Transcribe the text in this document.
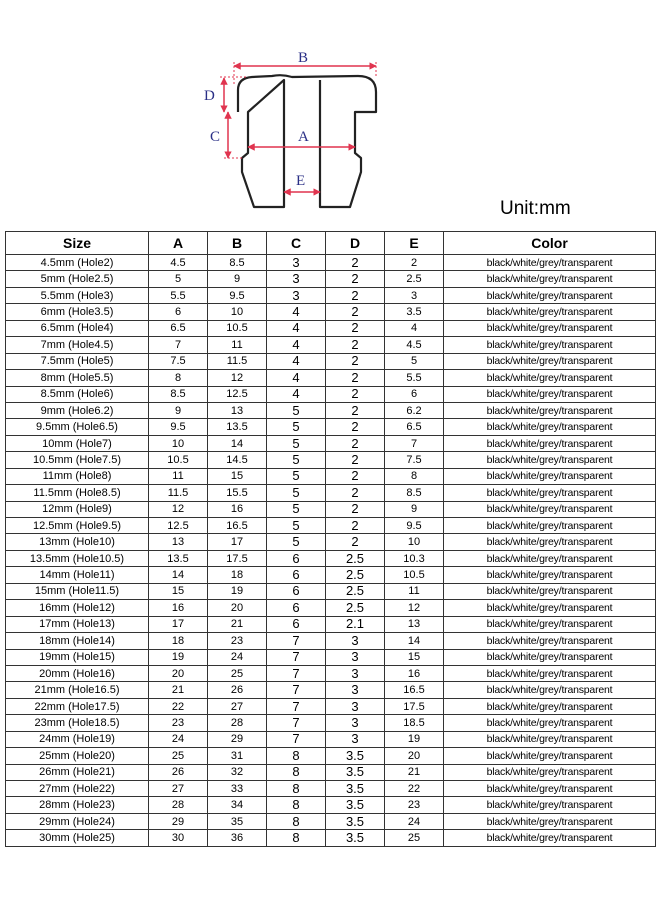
B
D
C	A
E
Unit:mm
Size	A	B	C	D	E	Color
4.5mm (Hole2)	4.5	8.5	3	2	2	black/white/grey/transparent
5mm (Hole2.5)	5	9	3	2	2.5	black/white/grey/transparent
5.5mm (Hole3)	5.5	9.5	3	2	3	black/white/grey/transparent
6mm (Hole3.5)	6	10	4	2	3.5	black/white/grey/transparent
6.5mm (Hole4)	6.5	10.5	4	2	4	black/white/grey/transparent
7mm (Hole4.5)	7	11	4	2	4.5	black/white/grey/transparent
7.5mm (Hole5)	7.5	11.5	4	2	5	black/white/grey/transparent
8mm (Hole5.5)	8	12	4	2	5.5	black/white/grey/transparent
8.5mm (Hole6)	8.5	12.5	4	2	6	black/white/grey/transparent
9mm (Hole6.2)	9	13	5	2	6.2	black/white/grey/transparent
9.5mm (Hole6.5)	9.5	13.5	5	2	6.5	black/white/grey/transparent
10mm (Hole7)	10	14	5	2	7	black/white/grey/transparent
10.5mm (Hole7.5)	10.5	14.5	5	2	7.5	black/white/grey/transparent
11mm (Hole8)	11	15	5	2	8	black/white/grey/transparent
11.5mm (Hole8.5)	11.5	15.5	5	2	8.5	black/white/grey/transparent
12mm (Hole9)	12	16	5	2	9	black/white/grey/transparent
12.5mm (Hole9.5)	12.5	16.5	5	2	9.5	black/white/grey/transparent
13mm (Hole10)	13	17	5	2	10	black/white/grey/transparent
13.5mm (Hole10.5)	13.5	17.5	6	2.5	10.3	black/white/grey/transparent
14mm (Hole11)	14	18	6	2.5	10.5	black/white/grey/transparent
15mm (Hole11.5)	15	19	6	2.5	11	black/white/grey/transparent
16mm (Hole12)	16	20	6	2.5	12	black/white/grey/transparent
17mm (Hole13)	17	21	6	2.1	13	black/white/grey/transparent
18mm (Hole14)	18	23	7	3	14	black/white/grey/transparent
19mm (Hole15)	19	24	7	3	15	black/white/grey/transparent
20mm (Hole16)	20	25	7	3	16	black/white/grey/transparent
21mm (Hole16.5)	21	26	7	3	16.5	black/white/grey/transparent
22mm (Hole17.5)	22	27	7	3	17.5	black/white/grey/transparent
23mm (Hole18.5)	23	28	7	3	18.5	black/white/grey/transparent
24mm (Hole19)	24	29	7	3	19	black/white/grey/transparent
25mm (Hole20)	25	31	8	3.5	20	black/white/grey/transparent
26mm (Hole21)	26	32	8	3.5	21	black/white/grey/transparent
27mm (Hole22)	27	33	8	3.5	22	black/white/grey/transparent
28mm (Hole23)	28	34	8	3.5	23	black/white/grey/transparent
29mm (Hole24)	29	35	8	3.5	24	black/white/grey/transparent
30mm (Hole25)	30	36	8	3.5	25	black/white/grey/transparent
